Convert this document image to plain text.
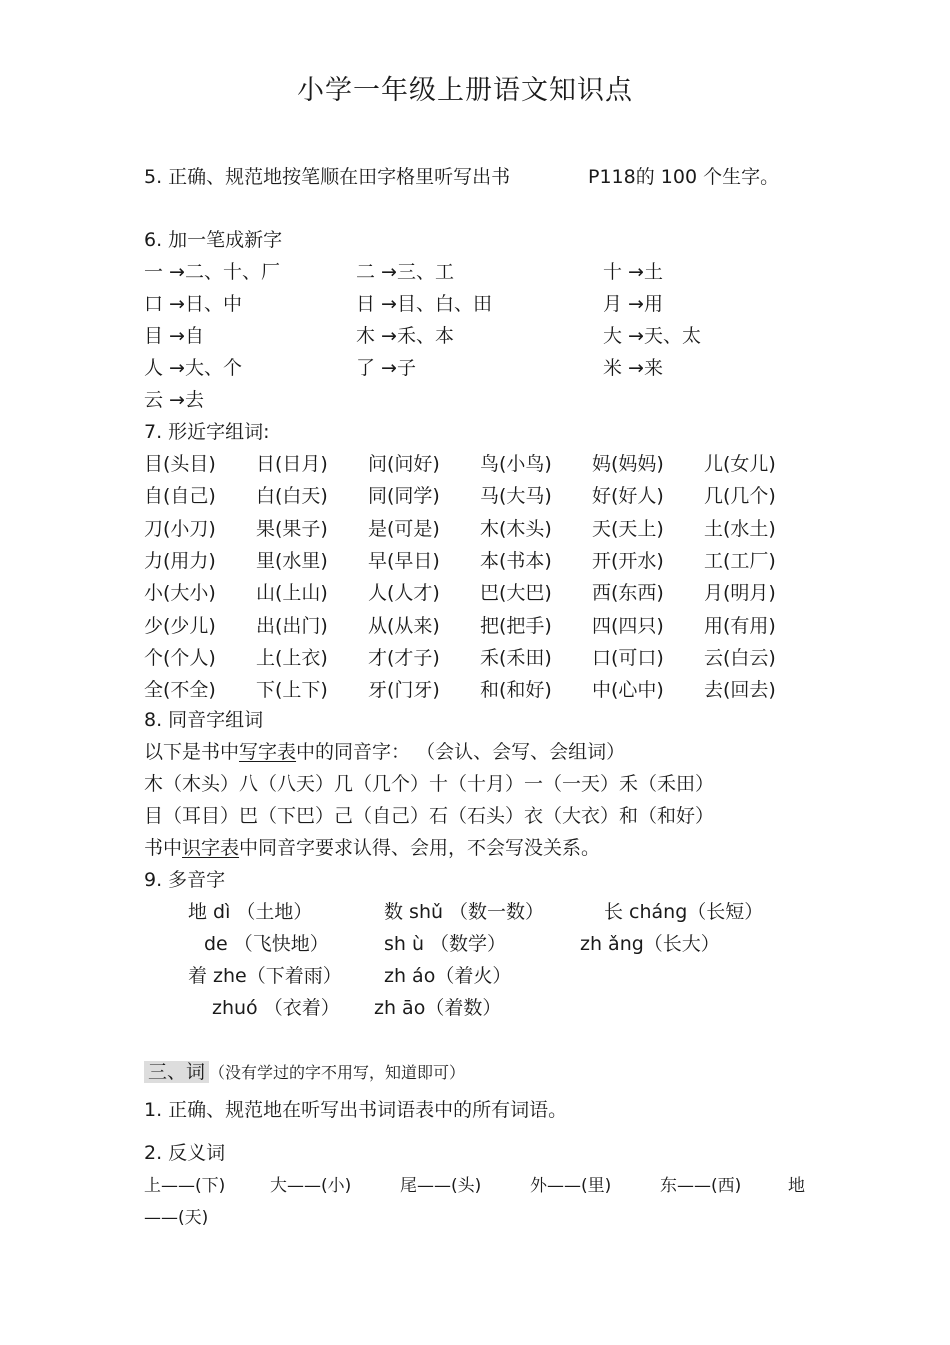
小学一年级上册语文知识点
5. 正确、规范地按笔顺在田字格里听写出书	P118的 100 个生字。
6. 加一笔成新字
一 →二、十、厂	二 →三、工	十 →土
口 →日、中	日 →目、白、田	月 →用
目 →自	木 →禾、本	大 →天、太
人 →大、个	了 →子	米 →来
云 →去
7. 形近字组词:
目(头目) 日(日月) 问(问好) 鸟(小鸟) 妈(妈妈) 儿(女儿)
自(自己) 白(白天) 同(同学) 马(大马) 好(好人) 几(几个)
刀(小刀) 果(果子) 是(可是) 木(木头) 天(天上) 土(水土)
力(用力) 里(水里) 早(早日) 本(书本) 开(开水) 工(工厂)
小(大小) 山(上山) 人(人才) 巴(大巴) 西(东西) 月(明月)
少(少儿) 出(出门) 从(从来) 把(把手) 四(四只) 用(有用)
个(个人) 上(上衣) 才(才子) 禾(禾田) 口(可口) 云(白云)
全(不全) 下(上下) 牙(门牙) 和(和好) 中(心中) 去(回去)
8. 同音字组词
以下是书中写字表中的同音字： （会认、会写、会组词）
木（木头）八（八天）几（几个）十（十月）一（一天）禾（禾田）
目（耳目）巴（下巴）己（自己）石（石头）衣（大衣）和（和好）
书中识字表中同音字要求认得、会用，不会写没关系。
9. 多音字
地 dì （土地）	数 shǔ （数一数）	长 cháng（长短）
de （飞快地）	sh ù （数学）	zh ǎng（长大）
着 zhe（下着雨） zh áo（着火）
zhuó （衣着） zh āo（着数）
三、词 （没有学过的字不用写，知道即可）
1. 正确、规范地在听写出书词语表中的所有词语。
2. 反义词
上——(下)	大——(小)	尾——(头)	外——(里)	东——(西)	地
——(天)
